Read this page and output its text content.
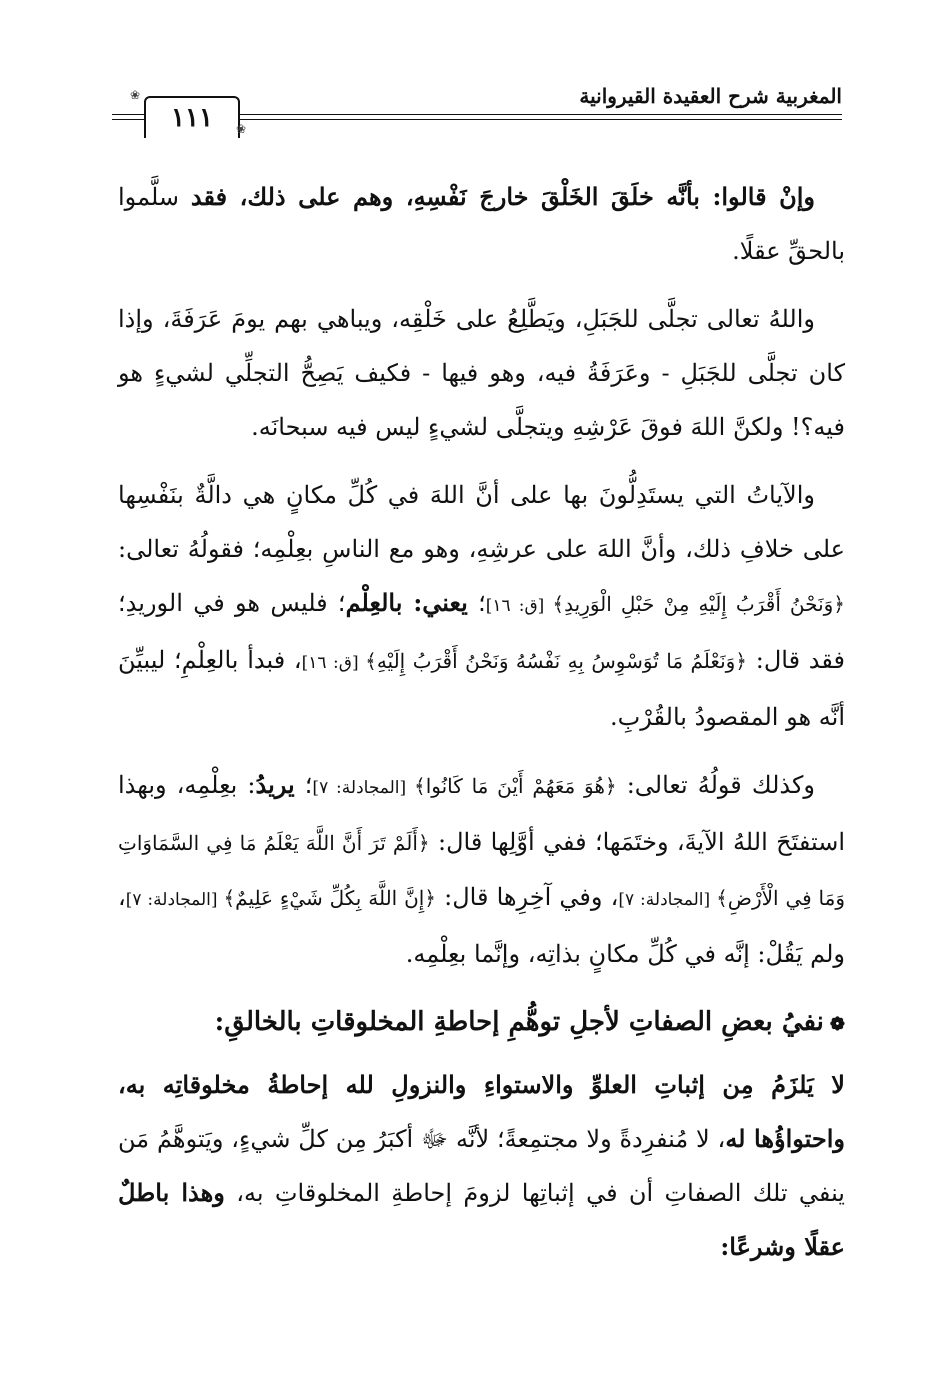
١١١
❀
❀
المغربية شرح العقيدة القيروانية

وإنْ قالوا: بأنَّه خلَقَ الخَلْقَ خارجَ نَفْسِهِ، وهم على ذلك، فقد سلَّموا بالحقِّ عقلًا.

واللهُ تعالى تجلَّى للجَبَلِ، ويَطَّلِعُ على خَلْقِه، ويباهي بهم يومَ عَرَفَةَ، وإذا كان تجلَّى للجَبَلِ - وعَرَفَةُ فيه، وهو فيها - فكيف يَصِحُّ التجلِّي لشيءٍ هو فيه؟! ولكنَّ اللهَ فوقَ عَرْشِهِ ويتجلَّى لشيءٍ ليس فيه سبحانَه.

والآياتُ التي يستَدِلُّونَ بها على أنَّ اللهَ في كُلِّ مكانٍ هي دالَّةٌ بنَفْسِها على خلافِ ذلك، وأنَّ اللهَ على عرشِهِ، وهو مع الناسِ بعِلْمِه؛ فقولُهُ تعالى: ﴿وَنَحْنُ أَقْرَبُ إِلَيْهِ مِنْ حَبْلِ الْوَرِيدِ﴾ [ق: ١٦]؛ يعني: بالعِلْم؛ فليس هو في الوريدِ؛ فقد قال: ﴿وَنَعْلَمُ مَا تُوَسْوِسُ بِهِ نَفْسُهُ وَنَحْنُ أَقْرَبُ إِلَيْهِ﴾ [ق: ١٦]، فبدأ بالعِلْمِ؛ ليبيِّنَ أنَّه هو المقصودُ بالقُرْبِ.

وكذلك قولُهُ تعالى: ﴿هُوَ مَعَهُمْ أَيْنَ مَا كَانُوا﴾ [المجادلة: ٧]؛ يريدُ: بعِلْمِه، وبهذا استفتَحَ اللهُ الآيةَ، وختَمَها؛ ففي أوَّلِها قال: ﴿أَلَمْ تَرَ أَنَّ اللَّهَ يَعْلَمُ مَا فِي السَّمَاوَاتِ وَمَا فِي الْأَرْضِ﴾ [المجادلة: ٧]، وفي آخِرِها قال: ﴿إِنَّ اللَّهَ بِكُلِّ شَيْءٍ عَلِيمٌ﴾ [المجادلة: ٧]، ولم يَقُلْ: إنَّه في كُلِّ مكانٍ بذاتِه، وإنَّما بعِلْمِه.

❁نفيُ بعضِ الصفاتِ لأجلِ توهُّمِ إحاطةِ المخلوقاتِ بالخالقِ:

لا يَلزَمُ مِن إثباتِ العلوِّ والاستواءِ والنزولِ لله إحاطةُ مخلوقاتِه به، واحتواؤُها له، لا مُنفرِدةً ولا مجتمِعةً؛ لأنَّه ﷻ أكبَرُ مِن كلِّ شيءٍ، ويَتوهَّمُ مَن ينفي تلك الصفاتِ أن في إثباتِها لزومَ إحاطةِ المخلوقاتِ به، وهذا باطلٌ عقلًا وشرعًا:
